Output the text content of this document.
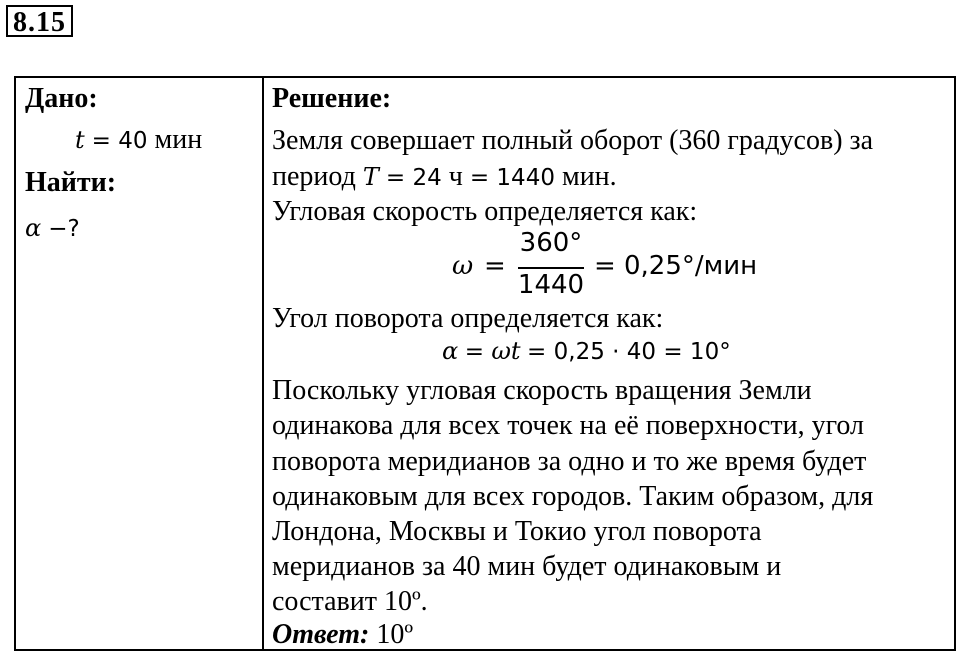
8.15
Дано:
t = 40 мин
Найти:
α −?
Решение:
Земля совершает полный оборот (360 градусов) за
период T = 24 ч = 1440 мин.
Угловая скорость определяется как:
ω =
360°
1440
= 0,25°/мин
Угол поворота определяется как:
α = ωt = 0,25 · 40 = 10°
Поскольку угловая скорость вращения Земли
одинакова для всех точек на её поверхности, угол
поворота меридианов за одно и то же время будет
одинаковым для всех городов. Таким образом, для
Лондона, Москвы и Токио угол поворота
меридианов за 40 мин будет одинаковым и
составит 10º.
Ответ: 10º
